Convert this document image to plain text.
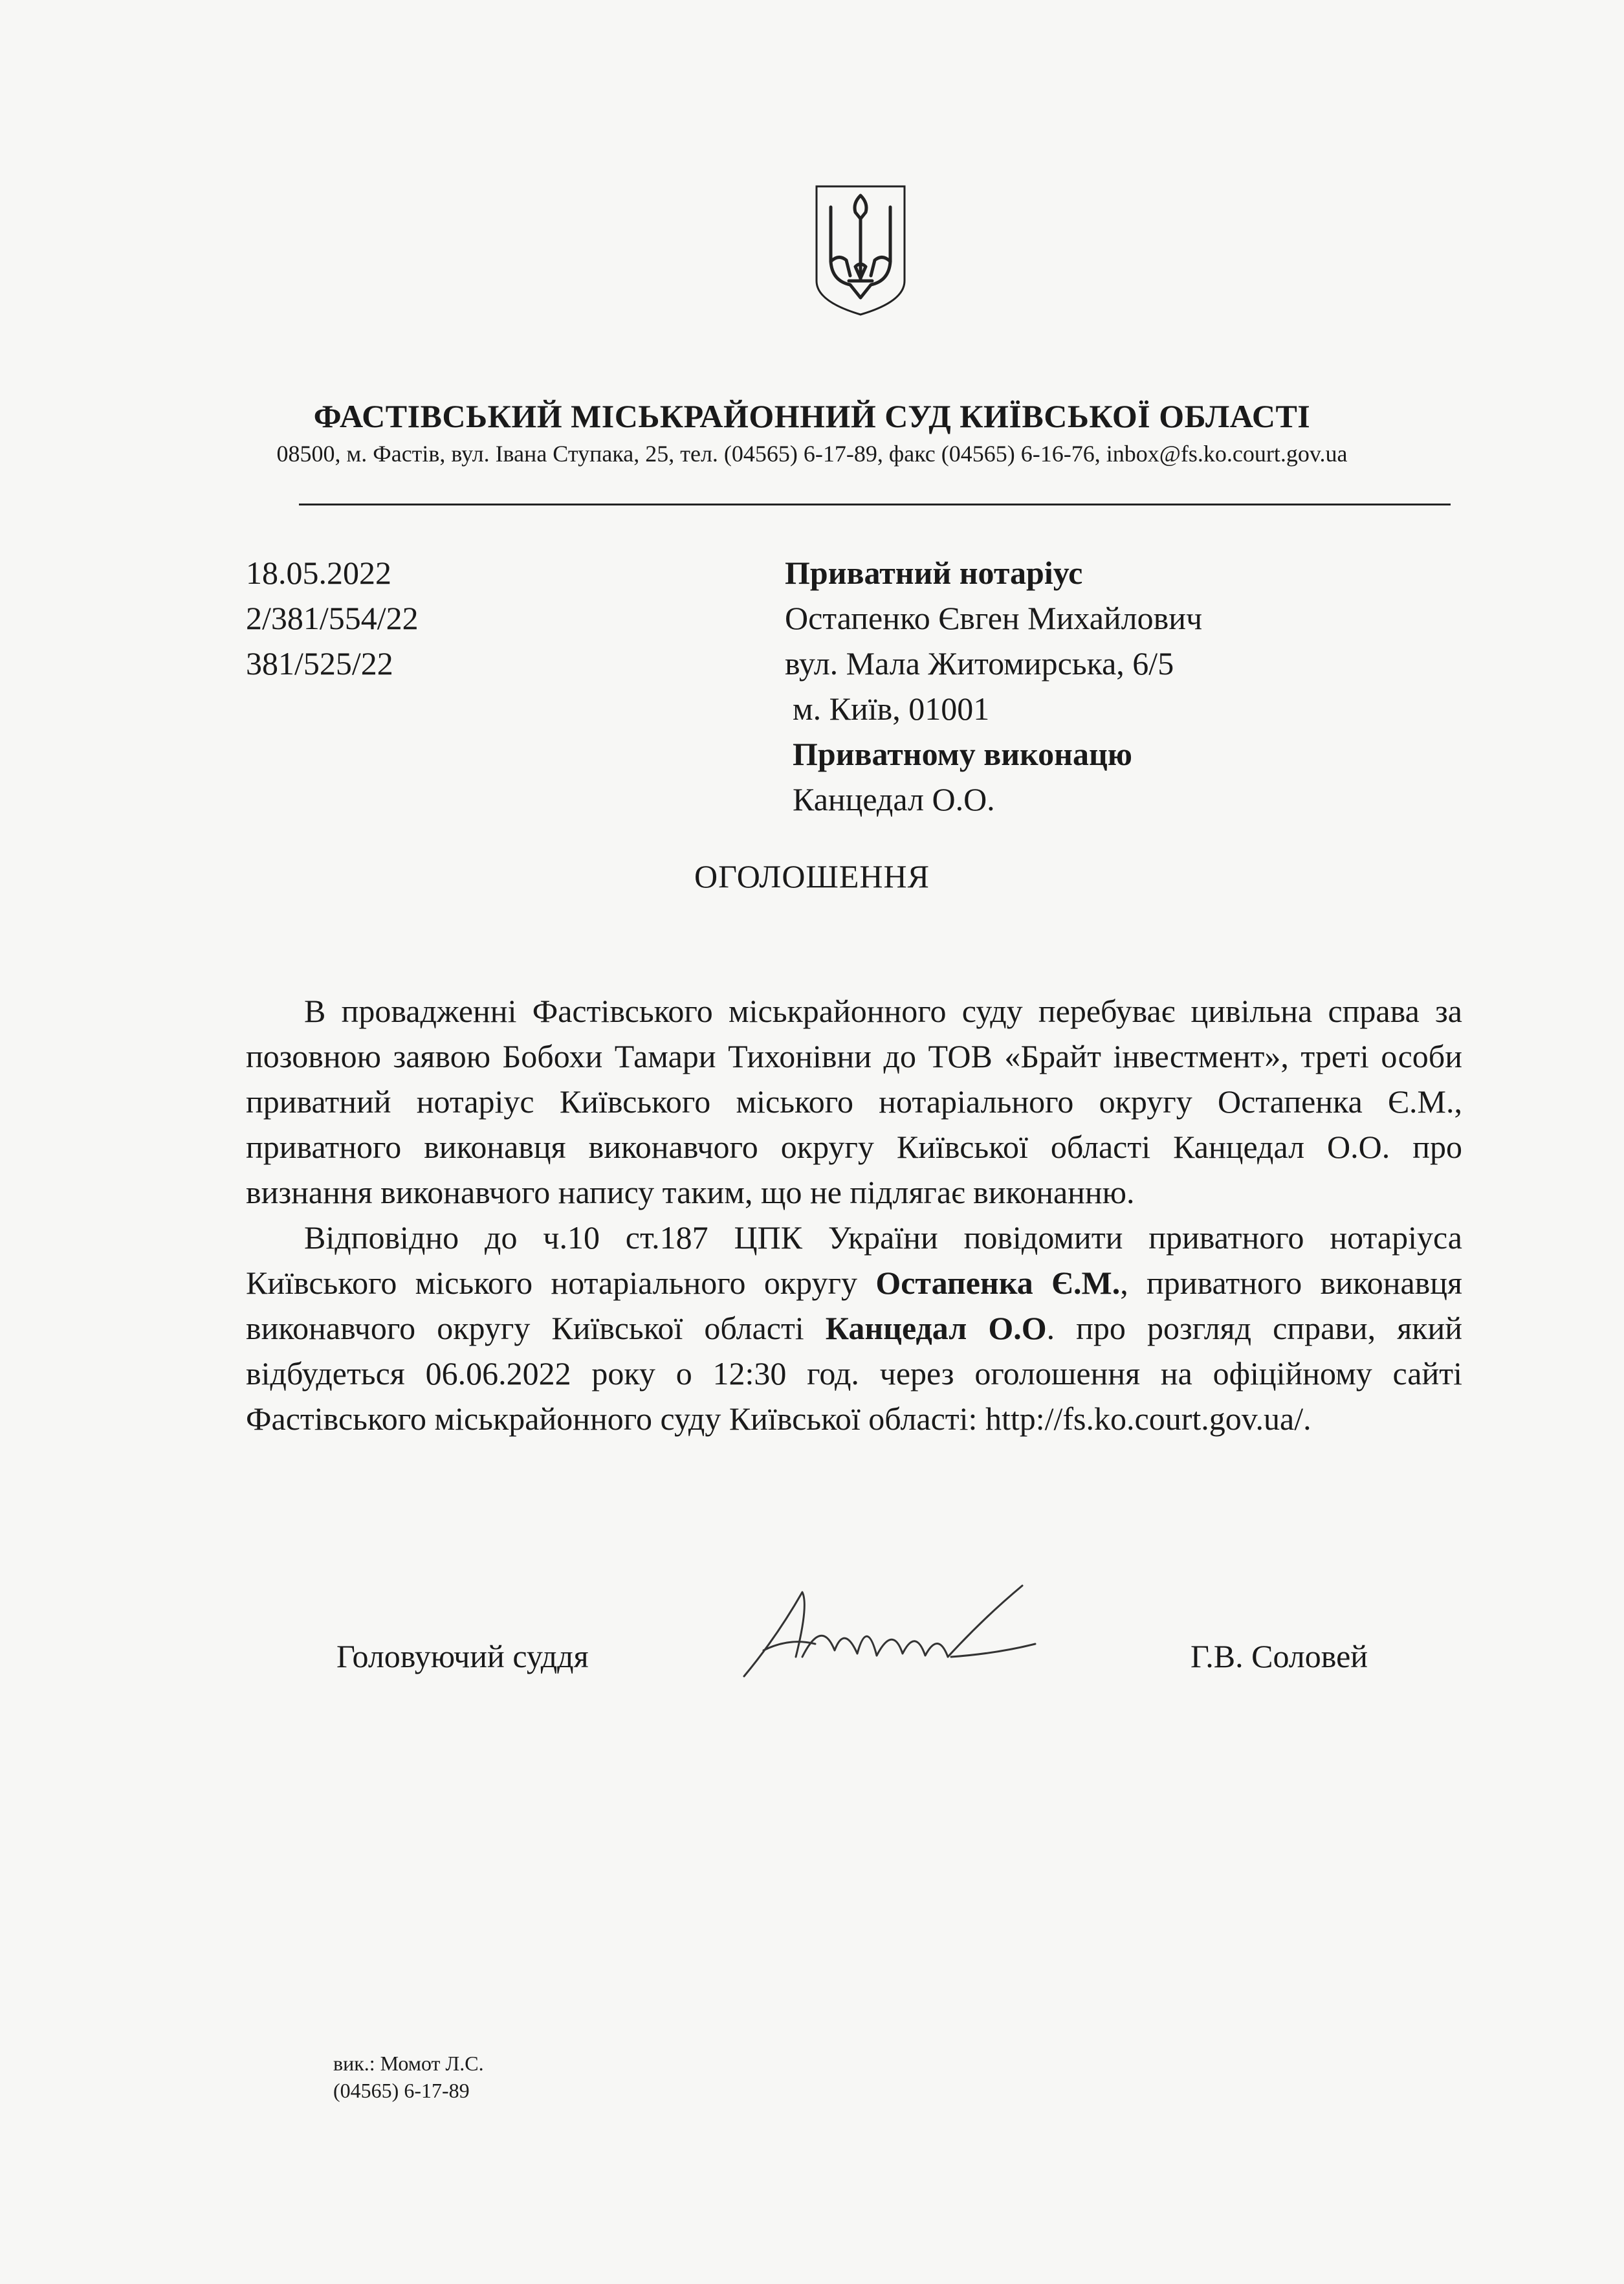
ФАСТІВСЬКИЙ МІСЬКРАЙОННИЙ СУД КИЇВСЬКОЇ ОБЛАСТІ
08500, м. Фастів, вул. Івана Ступака, 25, тел. (04565) 6-17-89, факс (04565) 6-16-76, inbox@fs.ko.court.gov.ua
18.05.2022
2/381/554/22
381/525/22
Приватний нотаріус
Остапенко Євген Михайлович
вул. Мала Житомирська, 6/5
м. Київ, 01001
Приватному виконацю
Канцедал О.О.
ОГОЛОШЕННЯ

В провадженні Фастівського міськрайонного суду перебуває цивільна справа за позовною заявою Бобохи Тамари Тихонівни до ТОВ «Брайт інвестмент», треті особи приватний нотаріус Київського міського нотаріального округу Остапенка Є.М., приватного виконавця виконавчого округу Київської області Канцедал О.О. про визнання виконавчого напису таким, що не підлягає виконанню.

Відповідно до ч.10 ст.187 ЦПК України повідомити приватного нотаріуса Київського міського нотаріального округу Остапенка Є.М., приватного виконавця виконавчого округу Київської області Канцедал О.О. про розгляд справи, який відбудеться 06.06.2022 року о 12:30 год. через оголошення на офіційному сайті Фастівського міськрайонного суду Київської області: http://fs.ko.court.gov.ua/.

Головуючий суддя	Г.В. Соловей
вик.: Момот Л.С.
(04565) 6-17-89
